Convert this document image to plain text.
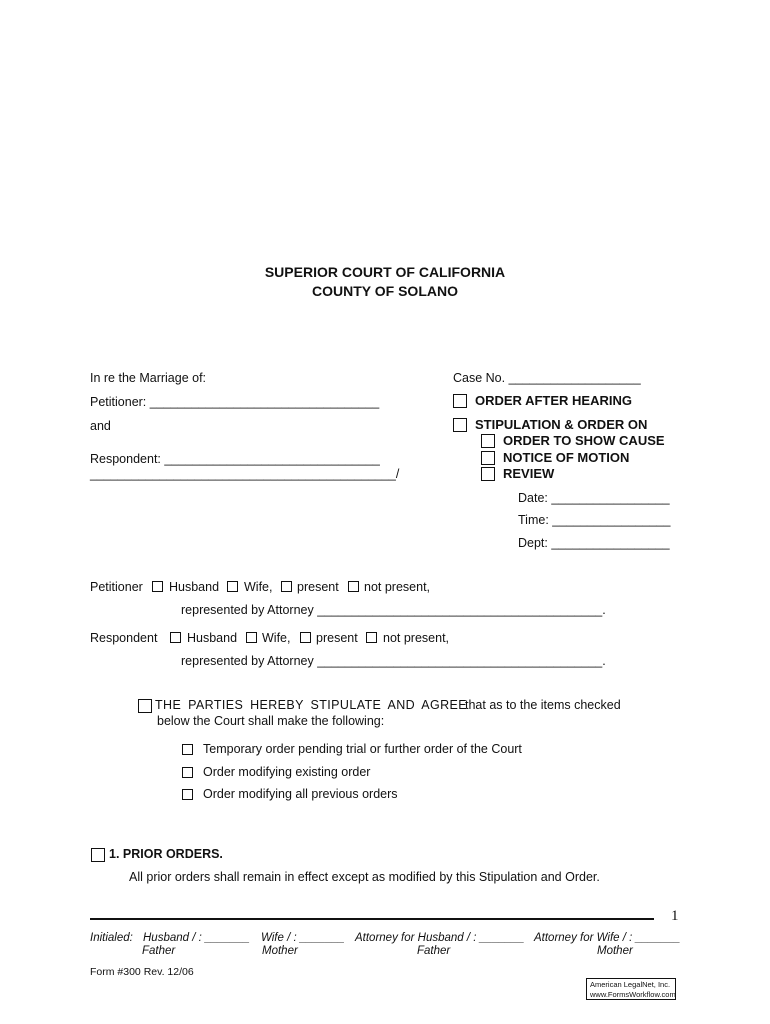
SUPERIOR COURT OF CALIFORNIA
COUNTY OF SOLANO
In re the Marriage of:
Petitioner: _________________________________
and
Respondent: _______________________________
____________________________________________/
Case No. ___________________
ORDER AFTER HEARING
STIPULATION & ORDER ON
ORDER TO SHOW CAUSE
NOTICE OF MOTION
REVIEW
Date: _________________
Time: _________________
Dept: _________________
Petitioner Husband Wife, present not present,
represented by Attorney _________________________________________.
Respondent Husband Wife, present not present,
represented by Attorney _________________________________________.
THE PARTIES HEREBY STIPULATE AND AGREE
that as to the items checked
below the Court shall make the following:
Temporary order pending trial or further order of the Court
Order modifying existing order
Order modifying all previous orders
1. PRIOR ORDERS.
All prior orders shall remain in effect except as modified by this Stipulation and Order.
1
Initialed: Husband / : _______
Father
Wife / : _______
Mother
Attorney for Husband / : _______
Father
Attorney for Wife / : _______
Mother
Form #300 Rev. 12/06
American LegalNet, Inc.
www.FormsWorkflow.com
